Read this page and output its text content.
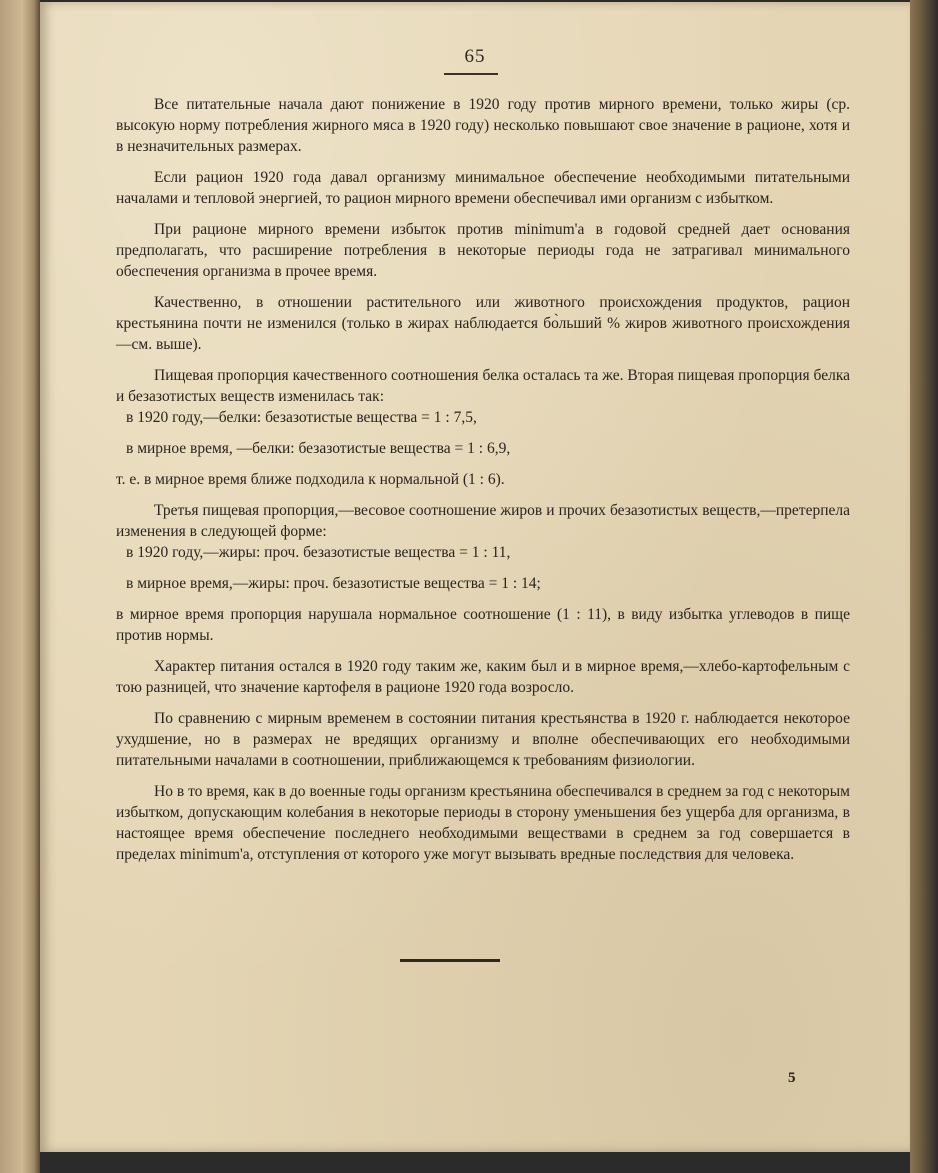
65

Все питательные начала дают понижение в 1920 году против мирного времени, только жиры (ср. высокую норму потребления жирного мяса в 1920 году) несколько повышают свое значение в рационе, хотя и в незначительных размерах.

Если рацион 1920 года давал организму минимальное обеспечение необходимыми питательными началами и тепловой энергией, то рацион мирного времени обеспечивал ими организм с избытком.

При рационе мирного времени избыток против minimum'а в годовой средней дает основания предполагать, что расширение потребления в некоторые периоды года не затрагивал минимального обеспечения организма в прочее время.

Качественно, в отношении растительного или животного происхождения продуктов, рацион крестьянина почти не изменился (только в жирах наблюдается бо̀льший % жиров животного происхождения—см. выше).

Пищевая пропорция качественного соотношения белка осталась та же. Вторая пищевая пропорция белка и безазотистых веществ изменилась так:

в 1920 году,—белки: безазотистые вещества = 1 : 7,5,

в мирное время, —белки: безазотистые вещества = 1 : 6,9,

т. е. в мирное время ближе подходила к нормальной (1 : 6).

Третья пищевая пропорция,—весовое соотношение жиров и прочих безазотистых веществ,—претерпела изменения в следующей форме:

в 1920 году,—жиры: проч. безазотистые вещества = 1 : 11,

в мирное время,—жиры: проч. безазотистые вещества = 1 : 14;

в мирное время пропорция нарушала нормальное соотношение (1 : 11), в виду избытка углеводов в пище против нормы.

Характер питания остался в 1920 году таким же, каким был и в мирное время,—хлебо-картофельным с тою разницей, что значение картофеля в рационе 1920 года возросло.

По сравнению с мирным временем в состоянии питания крестьянства в 1920 г. наблюдается некоторое ухудшение, но в размерах не вредящих организму и вполне обеспечивающих его необходимыми питательными началами в соотношении, приближающемся к требованиям физиологии.

Но в то время, как в до военные годы организм крестьянина обеспечивался в среднем за год с некоторым избытком, допускающим колебания в некоторые периоды в сторону уменьшения без ущерба для организма, в настоящее время обеспечение последнего необходимыми веществами в среднем за год совершается в пределах minimum'а, отступления от которого уже могут вызывать вредные последствия для человека.

5
